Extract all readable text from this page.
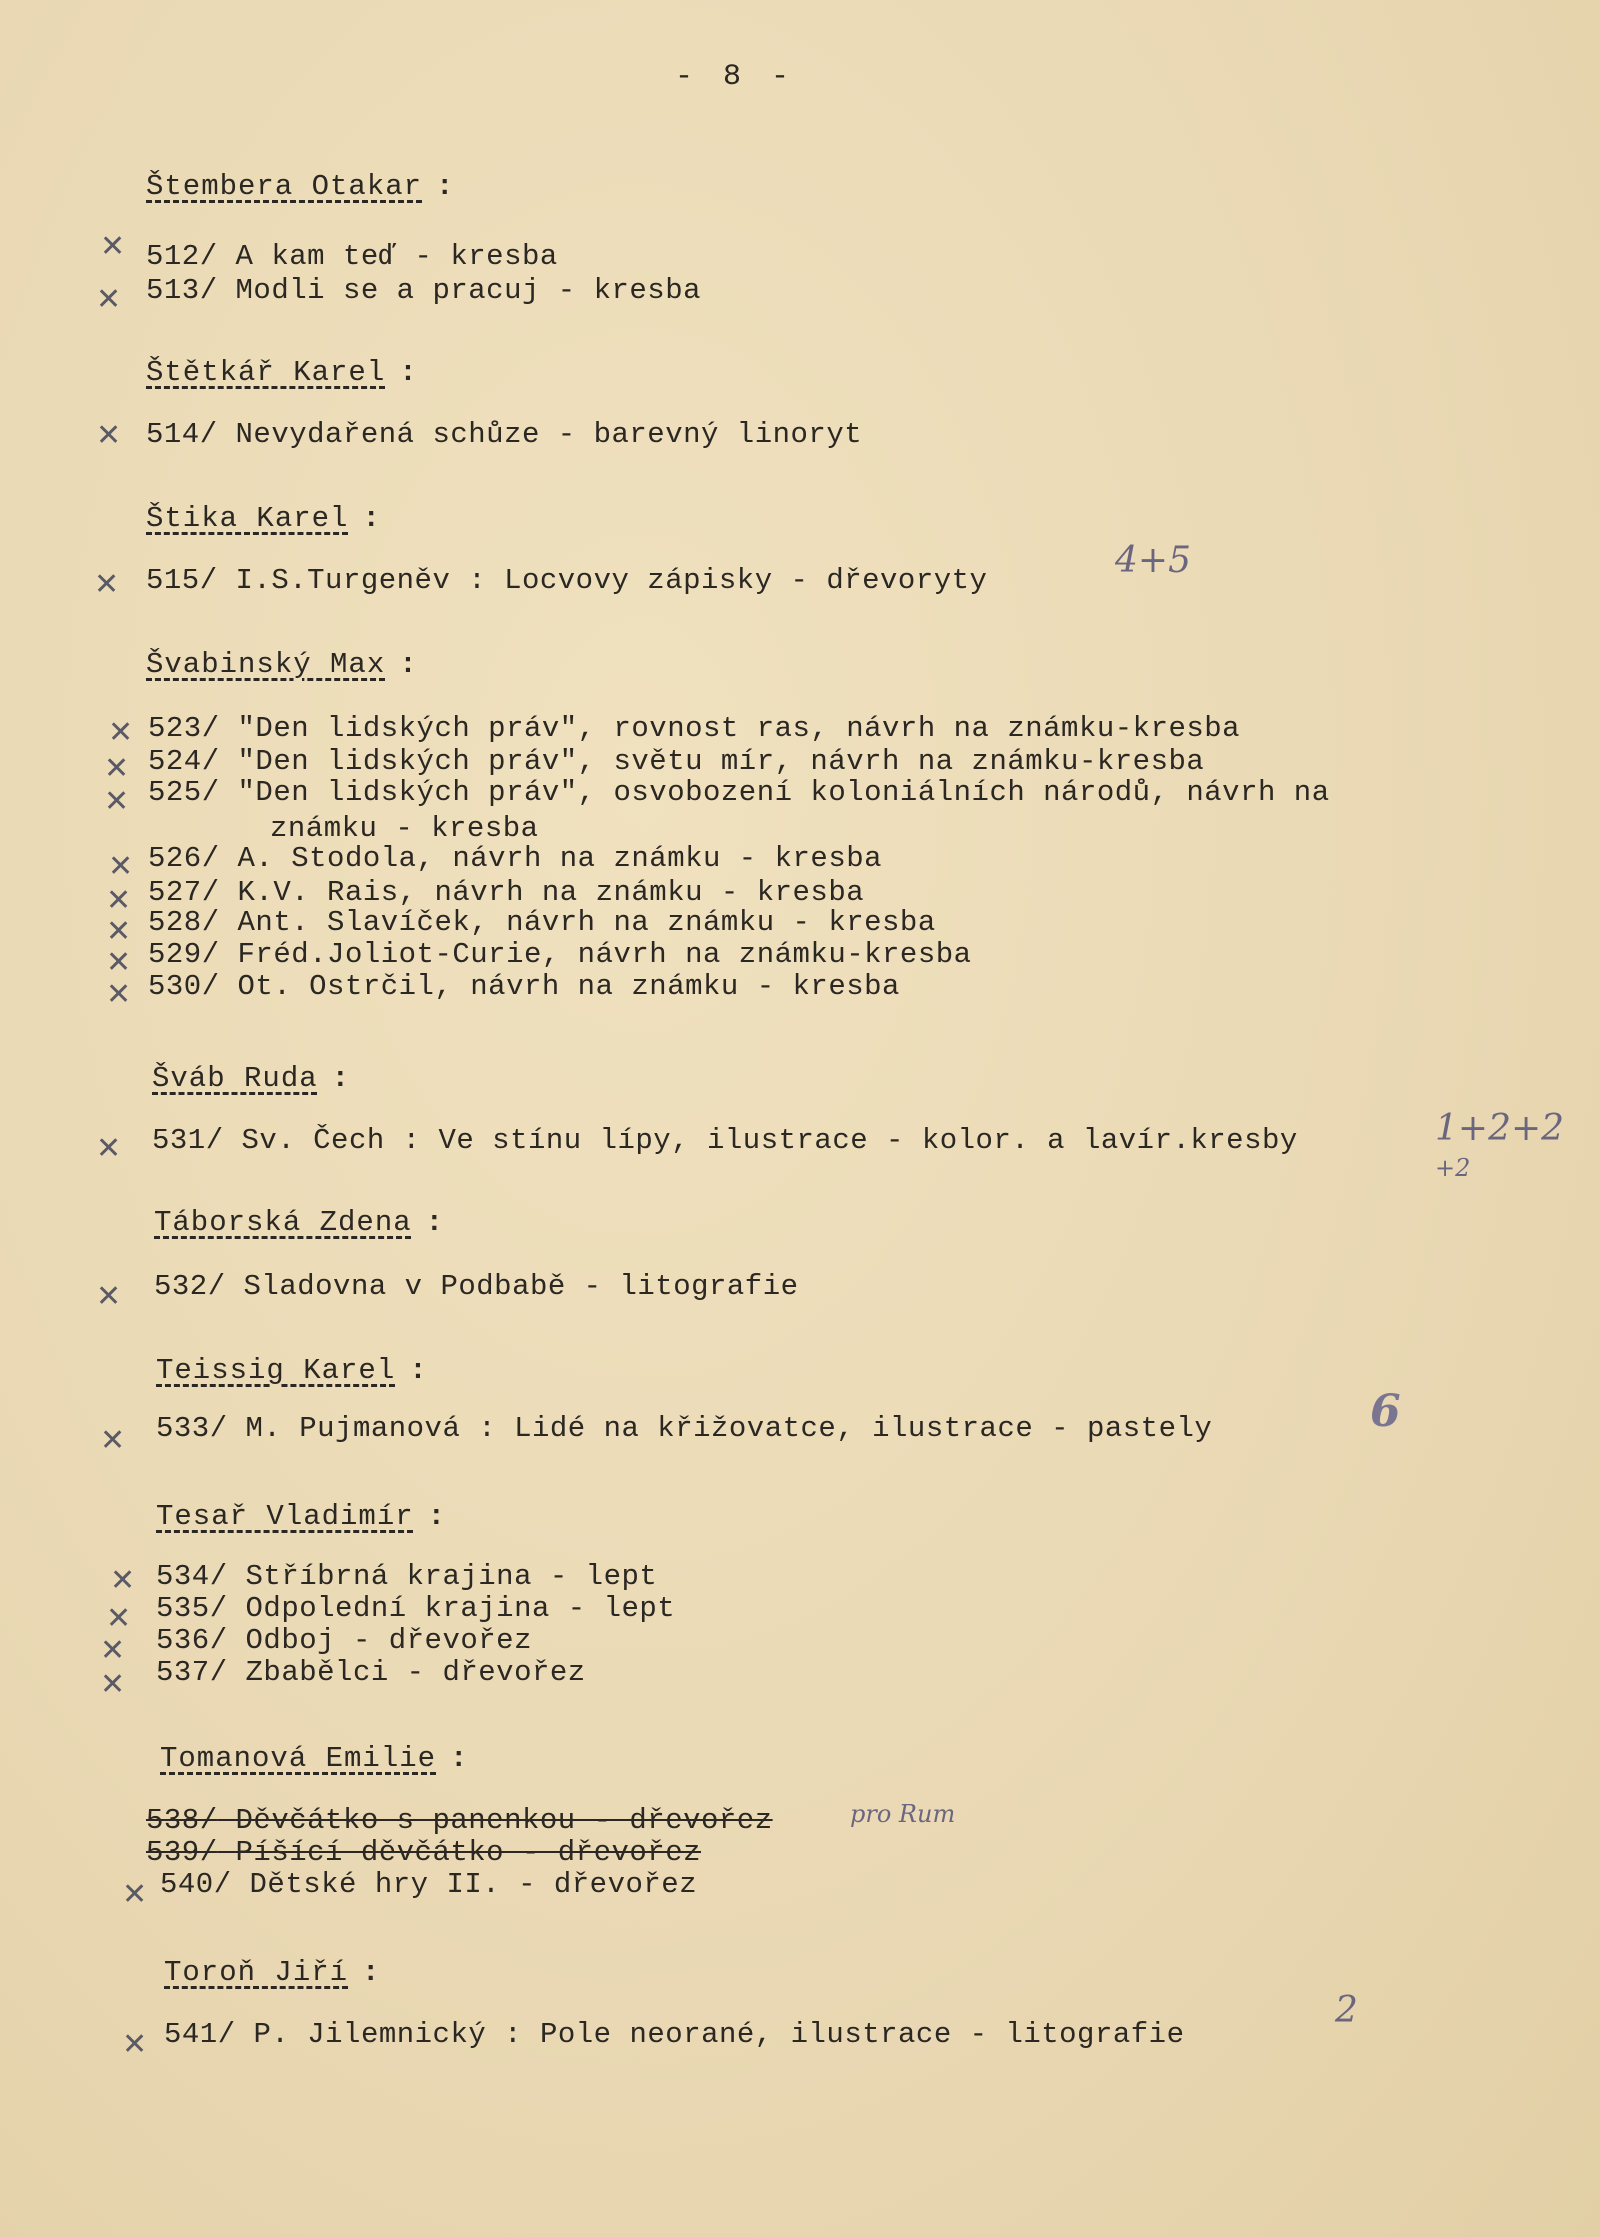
- 8 -
Štembera Otakar :
✕ 512/ A kam teď - kresba
✕ 513/ Modli se a pracuj - kresba
Štětkář Karel :
✕ 514/ Nevydařená schůze - barevný linoryt
Štika Karel :
✕ 515/ I.S.Turgeněv : Locvovy zápisky - dřevoryty	4+5
Švabinský Max :
✕ 523/ "Den lidských práv", rovnost ras, návrh na známku-kresba
✕ 524/ "Den lidských práv", světu mír, návrh na známku-kresba
✕ 525/ "Den lidských práv", osvobození koloniálních národů, návrh na
známku - kresba
✕ 526/ A. Stodola, návrh na známku - kresba
✕ 527/ K.V. Rais, návrh na známku - kresba
✕ 528/ Ant. Slavíček, návrh na známku - kresba
✕ 529/ Fréd.Joliot-Curie, návrh na známku-kresba
✕ 530/ Ot. Ostrčil, návrh na známku - kresba
Šváb Ruda :
✕ 531/ Sv. Čech : Ve stínu lípy, ilustrace - kolor. a lavír.kresby	1+2+2
+2
Táborská Zdena :
✕ 532/ Sladovna v Podbabě - litografie
Teissig Karel :
✕ 533/ M. Pujmanová : Lidé na křižovatce, ilustrace - pastely	6
Tesař Vladimír :
✕ 534/ Stříbrná krajina - lept
✕ 535/ Odpolední krajina - lept
✕ 536/ Odboj - dřevořez
✕ 537/ Zbabělci - dřevořez
Tomanová Emilie :
538/ Děvčátko s panenkou - dřevořez	pro Rum
539/ Píšící děvčátko - dřevořez
✕ 540/ Dětské hry II. - dřevořez
Toroň Jiří :
✕ 541/ P. Jilemnický : Pole neorané, ilustrace - litografie
2
